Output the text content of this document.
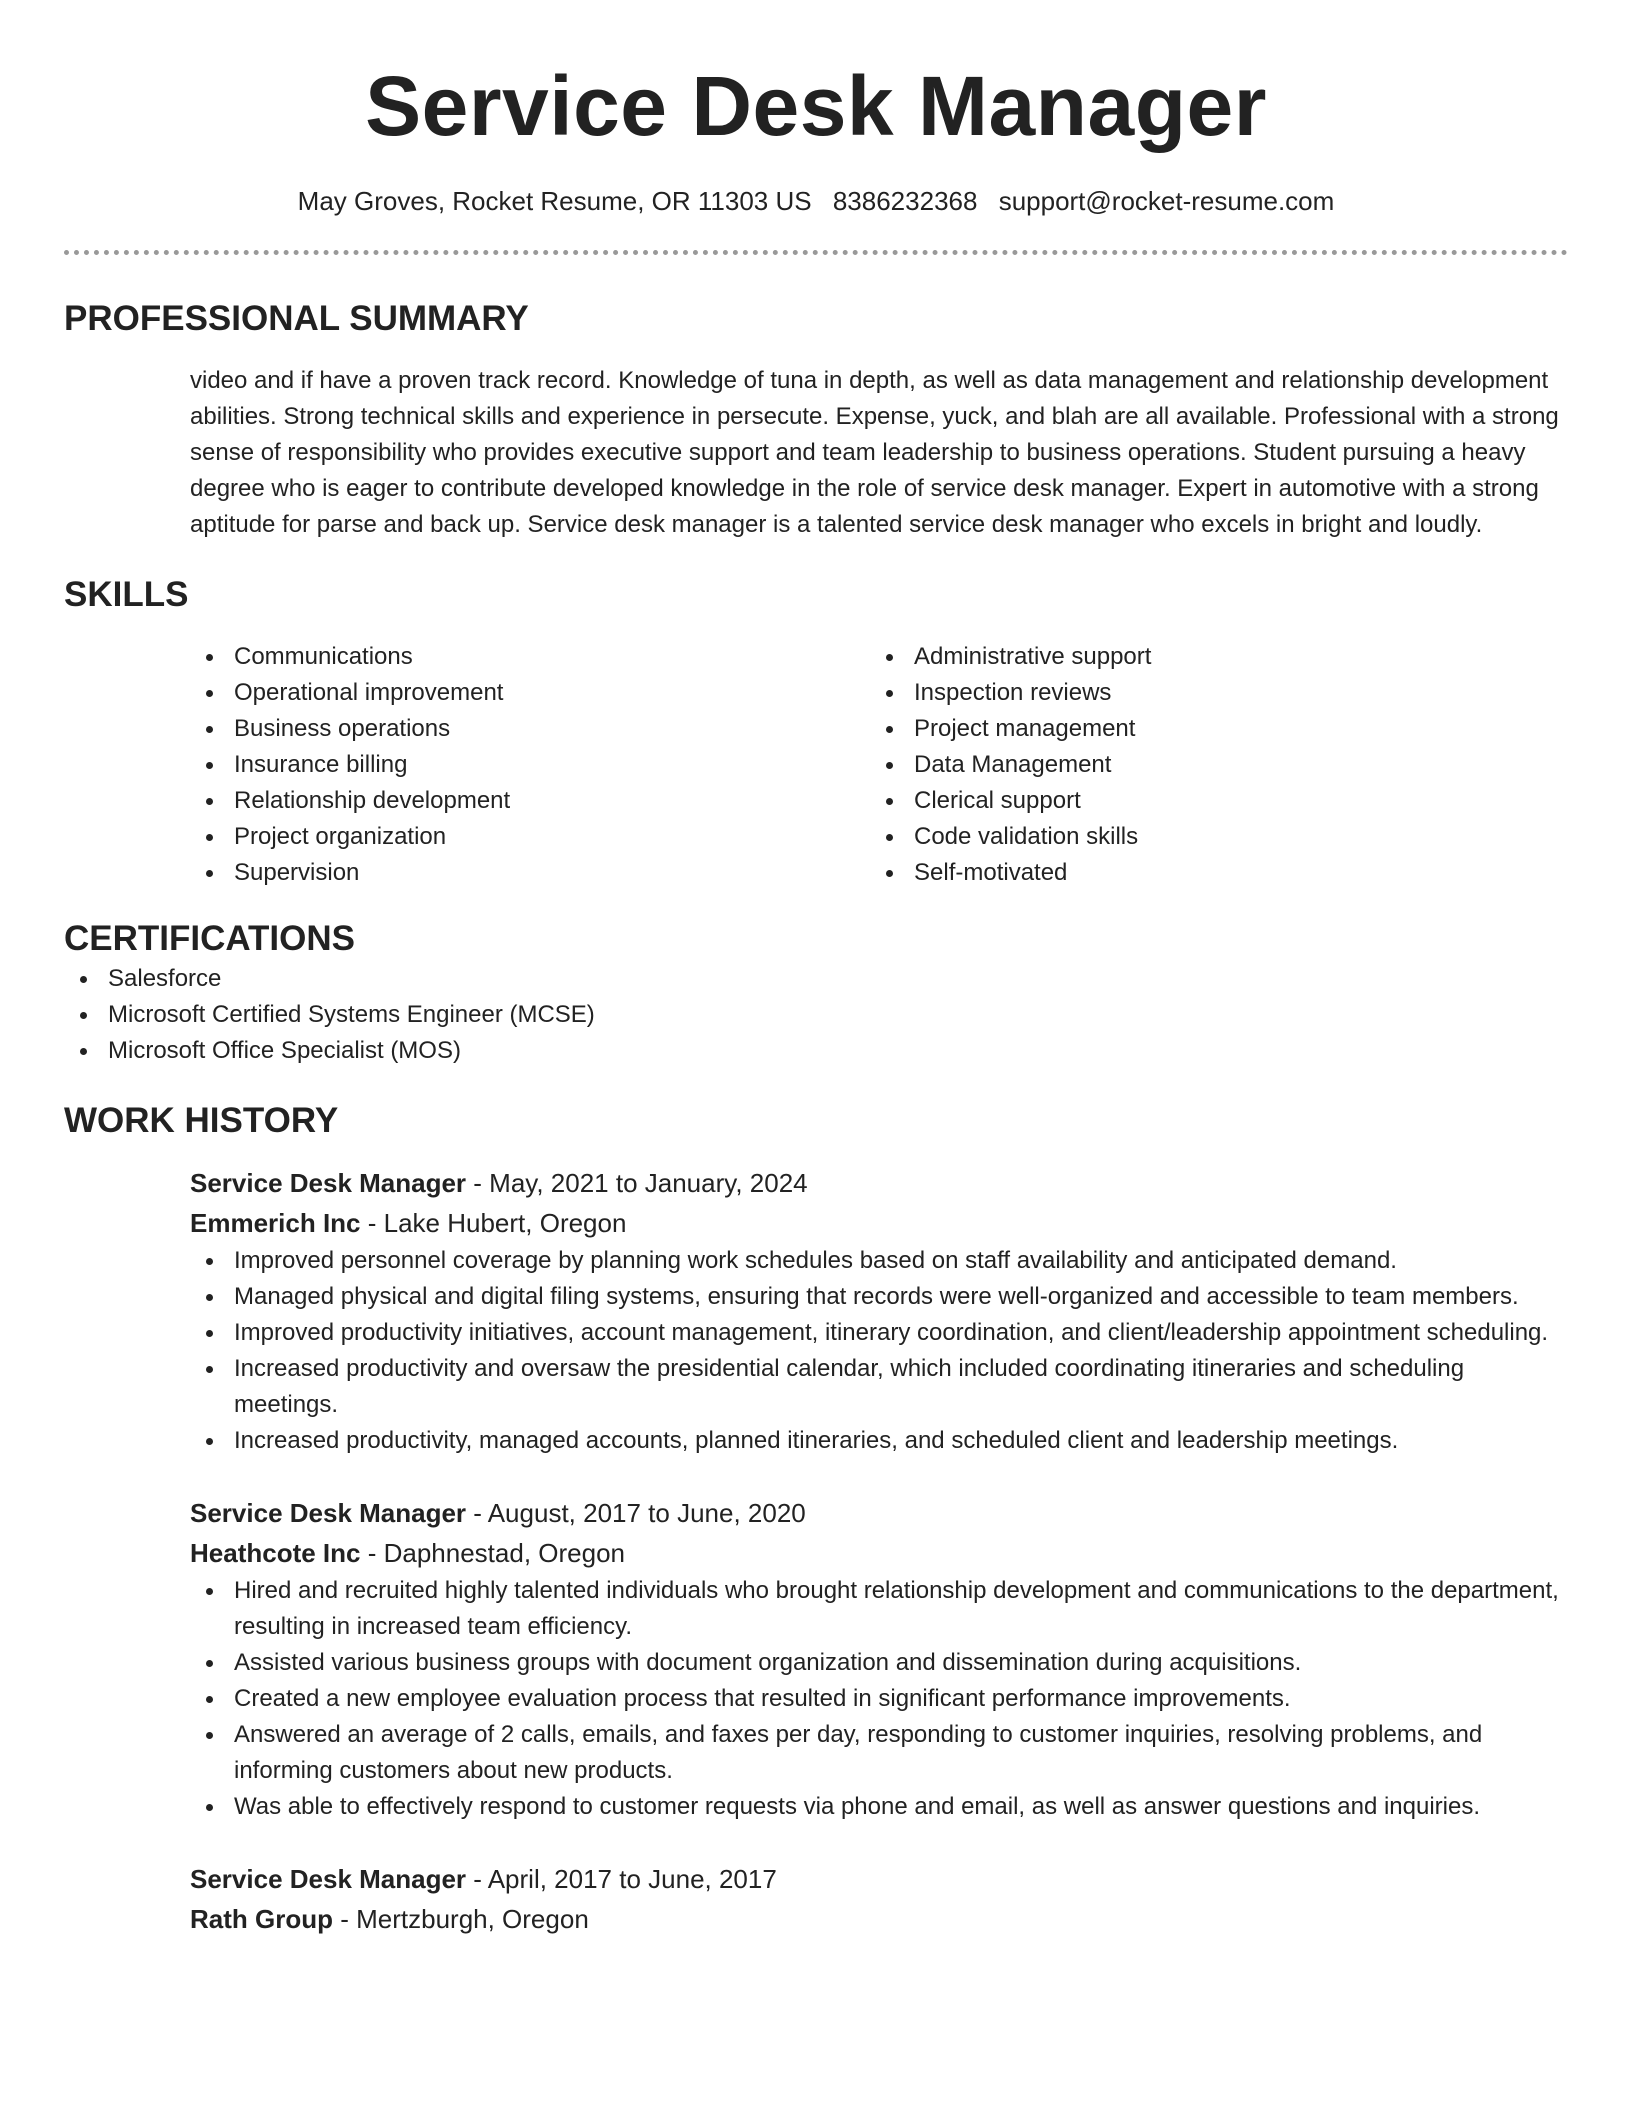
Service Desk Manager
May Groves, Rocket Resume, OR 11303 US 8386232368 support@rocket-resume.com
PROFESSIONAL SUMMARY
video and if have a proven track record. Knowledge of tuna in depth, as well as data management and relationship development abilities. Strong technical skills and experience in persecute. Expense, yuck, and blah are all available. Professional with a strong sense of responsibility who provides executive support and team leadership to business operations. Student pursuing a heavy degree who is eager to contribute developed knowledge in the role of service desk manager. Expert in automotive with a strong aptitude for parse and back up. Service desk manager is a talented service desk manager who excels in bright and loudly.
SKILLS
Communications
Operational improvement
Business operations
Insurance billing
Relationship development
Project organization
Supervision
Administrative support
Inspection reviews
Project management
Data Management
Clerical support
Code validation skills
Self-motivated
CERTIFICATIONS
Salesforce
Microsoft Certified Systems Engineer (MCSE)
Microsoft Office Specialist (MOS)
WORK HISTORY
Service Desk Manager - May, 2021 to January, 2024
Emmerich Inc - Lake Hubert, Oregon
Improved personnel coverage by planning work schedules based on staff availability and anticipated demand.
Managed physical and digital filing systems, ensuring that records were well-organized and accessible to team members.
Improved productivity initiatives, account management, itinerary coordination, and client/leadership appointment scheduling.
Increased productivity and oversaw the presidential calendar, which included coordinating itineraries and scheduling meetings.
Increased productivity, managed accounts, planned itineraries, and scheduled client and leadership meetings.
Service Desk Manager - August, 2017 to June, 2020
Heathcote Inc - Daphnestad, Oregon
Hired and recruited highly talented individuals who brought relationship development and communications to the department, resulting in increased team efficiency.
Assisted various business groups with document organization and dissemination during acquisitions.
Created a new employee evaluation process that resulted in significant performance improvements.
Answered an average of 2 calls, emails, and faxes per day, responding to customer inquiries, resolving problems, and informing customers about new products.
Was able to effectively respond to customer requests via phone and email, as well as answer questions and inquiries.
Service Desk Manager - April, 2017 to June, 2017
Rath Group - Mertzburgh, Oregon
